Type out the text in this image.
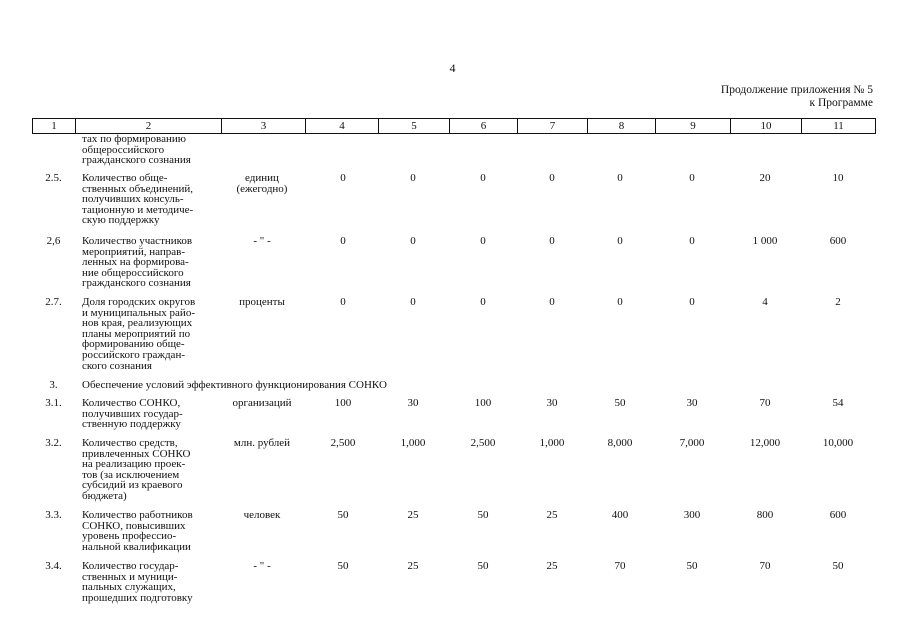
4
Продолжение приложения № 5
к Программе
1	2	3	4	5	6	7	8	9	10	11
тах по формированию
общероссийского
гражданского сознания
2.5.	Количество обще-
ственных объединений,
получивших консуль-
тационную и методиче-
скую поддержку
единиц
(ежегодно)
0	0	0	0	0	0	20	10
2,6	Количество участников
мероприятий, направ-
ленных на формирова-
ние общероссийского
гражданского сознания
- " -	0	0	0	0	0	0	1 000	600
2.7.	Доля городских округов
и муниципальных райо-
нов края, реализующих
планы мероприятий по
формированию обще-
российского граждан-
ского сознания
проценты	0	0	0	0	0	0	4	2
3.	Обеспечение условий эффективного функционирования СОНКО
3.1.	Количество СОНКО,
получивших государ-
ственную поддержку
организаций	100	30	100	30	50	30	70	54
3.2.	Количество средств,
привлеченных СОНКО
на реализацию проек-
тов (за исключением
субсидий из краевого
бюджета)
млн. рублей	2,500	1,000	2,500	1,000	8,000	7,000	12,000	10,000
3.3.	Количество работников
СОНКО, повысивших
уровень профессио-
нальной квалификации
человек	50	25	50	25	400	300	800	600
3.4.	Количество государ-
ственных и муници-
пальных служащих,
прошедших подготовку
- " -	50	25	50	25	70	50	70	50
